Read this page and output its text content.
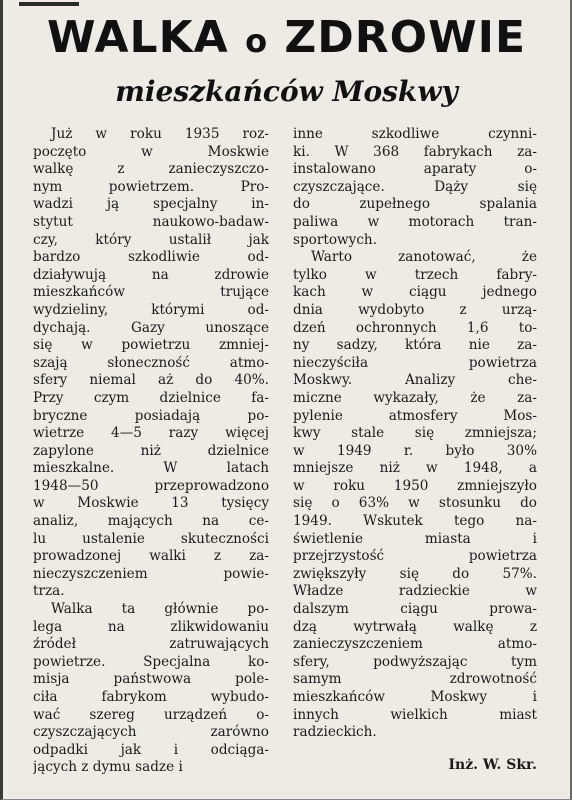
WALKA o ZDROWIE
mieszkańców Moskwy
Już w roku 1935 roz-
poczęto w Moskwie
walkę z zanieczyszczo-
nym powietrzem. Pro-
wadzi ją specjalny in-
stytut naukowo-badaw-
czy, który ustalił jak
bardzo szkodliwie od-
działywują na zdrowie
mieszkańców trujące
wydzieliny, którymi od-
dychają. Gazy unoszące
się w powietrzu zmniej-
szają słoneczność atmo-
sfery niemal aż do 40%.
Przy czym dzielnice fa-
bryczne posiadają po-
wietrze 4—5 razy więcej
zapylone niż dzielnice
mieszkalne. W latach
1948—50 przeprowadzono
w Moskwie 13 tysięcy
analiz, mających na ce-
lu ustalenie skuteczności
prowadzonej walki z za-
nieczyszczeniem powie-
trza.
Walka ta głównie po-
lega na zlikwidowaniu
źródeł zatruwających
powietrze. Specjalna ko-
misja państwowa pole-
ciła fabrykom wybudo-
wać szereg urządzeń o-
czyszczających zarówno
odpadki jak i odciąga-
jących z dymu sadze i
inne szkodliwe czynni-
ki. W 368 fabrykach za-
instalowano aparaty o-
czyszczające. Dąży się
do zupełnego spalania
paliwa w motorach tran-
sportowych.
Warto zanotować, że
tylko w trzech fabry-
kach w ciągu jednego
dnia wydobyto z urzą-
dzeń ochronnych 1,6 to-
ny sadzy, która nie za-
nieczyściła powietrza
Moskwy. Analizy che-
miczne wykazały, że za-
pylenie atmosfery Mos-
kwy stale się zmniejsza;
w 1949 r. było 30%
mniejsze niż w 1948, a
w roku 1950 zmniejszyło
się o 63% w stosunku do
1949. Wskutek tego na-
świetlenie miasta i
przejrzystość powietrza
zwiększyły się do 57%.
Władze radzieckie w
dalszym ciągu prowa-
dzą wytrwałą walkę z
zanieczyszczeniem atmo-
sfery, podwyższając tym
samym zdrowotność
mieszkańców Moskwy i
innych wielkich miast
radzieckich.
Inż. W. Skr.
